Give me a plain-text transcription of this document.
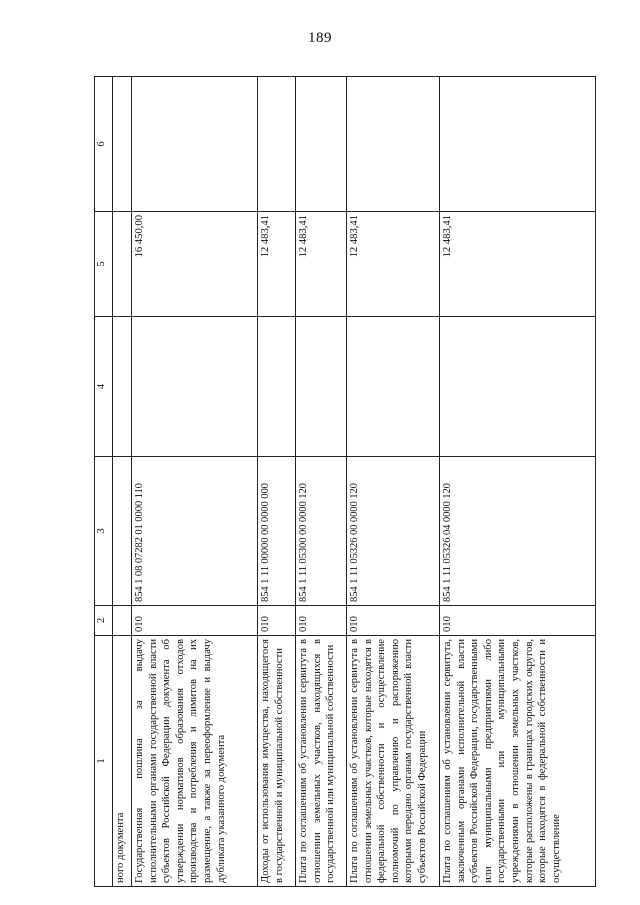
189
1	2	3	4	5	6
ного документа					
Государственная пошлина за выдачу исполнительными органами государственной власти субъектов Российской Федерации документа об утверждении нормативов образования отходов производства и потребления и лимитов на их размещение, а также за переоформление и выдачу дубликата указанного документа	010	854 1 08 07282 01 0000 110		16 450,00	
Доходы от использования имущества, находящегося в государственной и муниципальной собственности	010	854 1 11 00000 00 0000 000		12 483,41	
Плата по соглашениям об установлении сервитута в отношении земельных участков, находящихся в государственной или муниципальной собственности	010	854 1 11 05300 00 0000 120		12 483,41	
Плата по соглашениям об установлении сервитута в отношении земельных участков, которые находятся в федеральной собственности и осуществление полномочий по управлению и распоряжению которыми передано органам государственной власти субъектов Российской Федерации	010	854 1 11 05326 00 0000 120		12 483,41	
Плата по соглашениям об установлении сервитута, заключенным органами исполнительной власти субъектов Российской Федерации, государственными или муниципальными предприятиями либо государственными или муниципальными учреждениями в отношении земельных участков, которые расположены в границах городских округов, которые находятся в федеральной собственности и осуществление	010	854 1 11 05326 04 0000 120		12 483,41	
